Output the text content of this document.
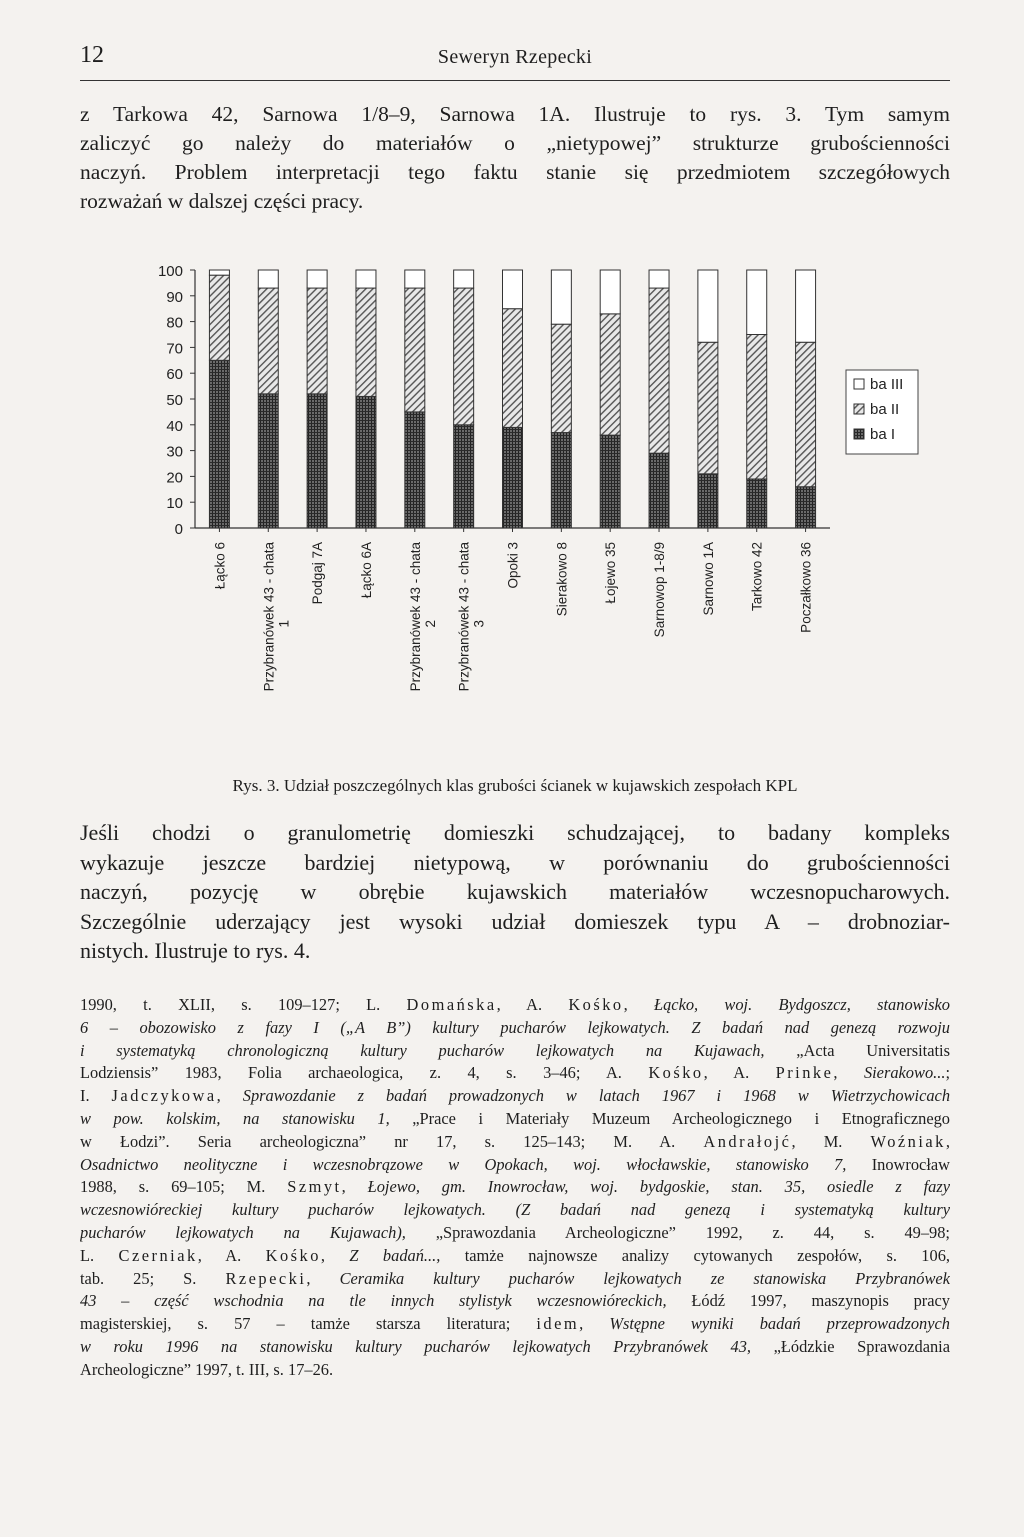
12	Seweryn Rzepecki
z Tarkowa 42, Sarnowa 1/8–9, Sarnowa 1A. Ilustruje to rys. 3. Tym samym
zaliczyć go należy do materiałów o „nietypowej” strukturze grubościenności
naczyń. Problem interpretacji tego faktu stanie się przedmiotem szczegółowych
rozważań w dalszej części pracy.
0
10
20
30
40
50
60
70
80
90
100
Łącko 6	Przybranówek 43 - chata1
Podgaj 7A	Łącko 6A	Przybranówek 43 - chata2 Przybranówek 43 - chata3
Opoki 3	Sierakowo 8	Łojewo 35	Sarnowop 1-8/9	Sarnowo 1A	Tarkowo 42	Poczałkowo 36
ba III
ba II
ba I
Rys. 3. Udział poszczególnych klas grubości ścianek w kujawskich zespołach KPL
Jeśli chodzi o granulometrię domieszki schudzającej, to badany kompleks
wykazuje jeszcze bardziej nietypową, w porównaniu do grubościenności
naczyń, pozycję w obrębie kujawskich materiałów wczesnopucharowych.
Szczególnie uderzający jest wysoki udział domieszek typu A – drobnoziar-
nistych. Ilustruje to rys. 4.
1990, t. XLII, s. 109–127; L. Domańska, A. Kośko, Łącko, woj. Bydgoszcz, stanowisko
6 – obozowisko z fazy I („A B”) kultury pucharów lejkowatych. Z badań nad genezą rozwoju
i systematyką chronologiczną kultury pucharów lejkowatych na Kujawach, „Acta Universitatis
Lodziensis” 1983, Folia archaeologica, z. 4, s. 3–46; A. Kośko, A. Prinke, Sierakowo...;
I. Jadczykowa, Sprawozdanie z badań prowadzonych w latach 1967 i 1968 w Wietrzychowicach
w pow. kolskim, na stanowisku 1, „Prace i Materiały Muzeum Archeologicznego i Etnograficznego
w Łodzi”. Seria archeologiczna” nr 17, s. 125–143; M. A. Andrałojć, M. Woźniak,
Osadnictwo neolityczne i wczesnobrązowe w Opokach, woj. włocławskie, stanowisko 7, Inowrocław
1988, s. 69–105; M. Szmyt, Łojewo, gm. Inowrocław, woj. bydgoskie, stan. 35, osiedle z fazy
wczesnowióreckiej kultury pucharów lejkowatych. (Z badań nad genezą i systematyką kultury
pucharów lejkowatych na Kujawach), „Sprawozdania Archeologiczne” 1992, z. 44, s. 49–98;
L. Czerniak, A. Kośko, Z badań..., tamże najnowsze analizy cytowanych zespołów, s. 106,
tab. 25; S. Rzepecki, Ceramika kultury pucharów lejkowatych ze stanowiska Przybranówek
43 – część wschodnia na tle innych stylistyk wczesnowióreckich, Łódź 1997, maszynopis pracy
magisterskiej, s. 57 – tamże starsza literatura; idem, Wstępne wyniki badań przeprowadzonych
w roku 1996 na stanowisku kultury pucharów lejkowatych Przybranówek 43, „Łódzkie Sprawozdania
Archeologiczne” 1997, t. III, s. 17–26.
